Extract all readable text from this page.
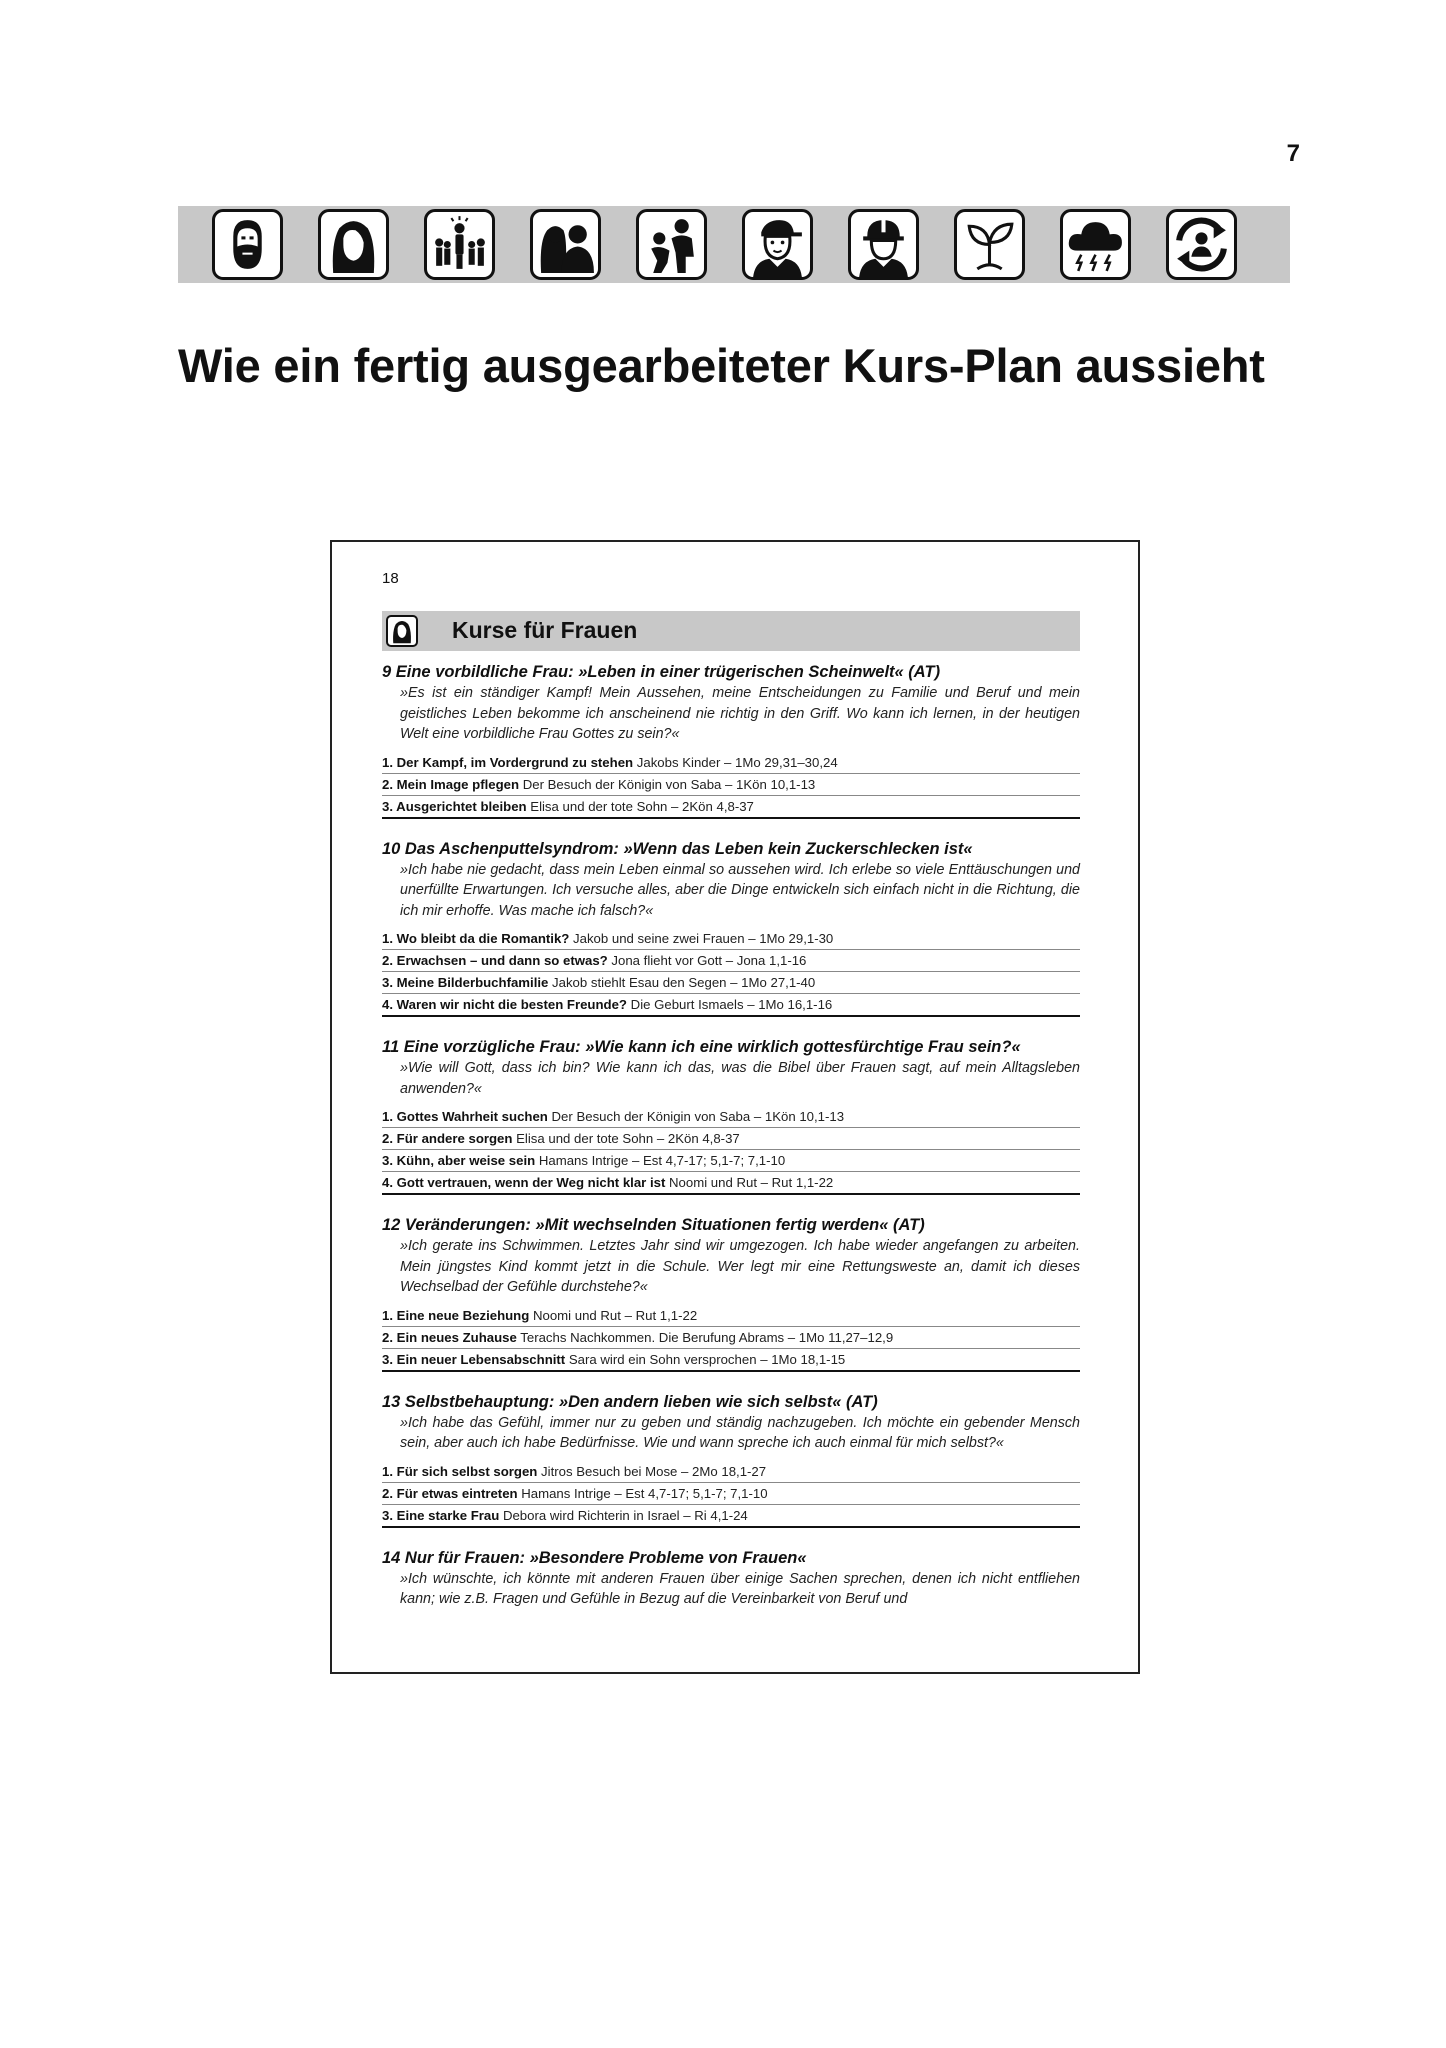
7
Wie ein fertig ausgearbeiteter Kurs-Plan aussieht
18
Kurse für Frauen
9 Eine vorbildliche Frau: »Leben in einer trügerischen Scheinwelt« (AT)
»Es ist ein ständiger Kampf! Mein Aussehen, meine Entscheidungen zu Familie und Beruf und mein geistliches Leben bekomme ich anscheinend nie richtig in den Griff. Wo kann ich lernen, in der heutigen Welt eine vorbildliche Frau Gottes zu sein?«
1. Der Kampf, im Vordergrund zu stehen Jakobs Kinder – 1Mo 29,31–30,24
2. Mein Image pflegen Der Besuch der Königin von Saba – 1Kön 10,1-13
3. Ausgerichtet bleiben Elisa und der tote Sohn – 2Kön 4,8-37
10 Das Aschenputtelsyndrom: »Wenn das Leben kein Zuckerschlecken ist«
»Ich habe nie gedacht, dass mein Leben einmal so aussehen wird. Ich erlebe so viele Enttäuschungen und unerfüllte Erwartungen. Ich versuche alles, aber die Dinge entwickeln sich einfach nicht in die Richtung, die ich mir erhoffe. Was mache ich falsch?«
1. Wo bleibt da die Romantik? Jakob und seine zwei Frauen – 1Mo 29,1-30
2. Erwachsen – und dann so etwas? Jona flieht vor Gott – Jona 1,1-16
3. Meine Bilderbuchfamilie Jakob stiehlt Esau den Segen – 1Mo 27,1-40
4. Waren wir nicht die besten Freunde? Die Geburt Ismaels – 1Mo 16,1-16
11 Eine vorzügliche Frau: »Wie kann ich eine wirklich gottesfürchtige Frau sein?«
»Wie will Gott, dass ich bin? Wie kann ich das, was die Bibel über Frauen sagt, auf mein Alltagsleben anwenden?«
1. Gottes Wahrheit suchen Der Besuch der Königin von Saba – 1Kön 10,1-13
2. Für andere sorgen Elisa und der tote Sohn – 2Kön 4,8-37
3. Kühn, aber weise sein Hamans Intrige – Est 4,7-17; 5,1-7; 7,1-10
4. Gott vertrauen, wenn der Weg nicht klar ist Noomi und Rut – Rut 1,1-22
12 Veränderungen: »Mit wechselnden Situationen fertig werden« (AT)
»Ich gerate ins Schwimmen. Letztes Jahr sind wir umgezogen. Ich habe wieder angefangen zu arbeiten. Mein jüngstes Kind kommt jetzt in die Schule. Wer legt mir eine Rettungsweste an, damit ich dieses Wechselbad der Gefühle durchstehe?«
1. Eine neue Beziehung Noomi und Rut – Rut 1,1-22
2. Ein neues Zuhause Terachs Nachkommen. Die Berufung Abrams – 1Mo 11,27–12,9
3. Ein neuer Lebensabschnitt Sara wird ein Sohn versprochen – 1Mo 18,1-15
13 Selbstbehauptung: »Den andern lieben wie sich selbst« (AT)
»Ich habe das Gefühl, immer nur zu geben und ständig nachzugeben. Ich möchte ein gebender Mensch sein, aber auch ich habe Bedürfnisse. Wie und wann spreche ich auch einmal für mich selbst?«
1. Für sich selbst sorgen Jitros Besuch bei Mose – 2Mo 18,1-27
2. Für etwas eintreten Hamans Intrige – Est 4,7-17; 5,1-7; 7,1-10
3. Eine starke Frau Debora wird Richterin in Israel – Ri 4,1-24
14 Nur für Frauen: »Besondere Probleme von Frauen«
»Ich wünschte, ich könnte mit anderen Frauen über einige Sachen sprechen, denen ich nicht entfliehen kann; wie z.B. Fragen und Gefühle in Bezug auf die Vereinbarkeit von Beruf und
